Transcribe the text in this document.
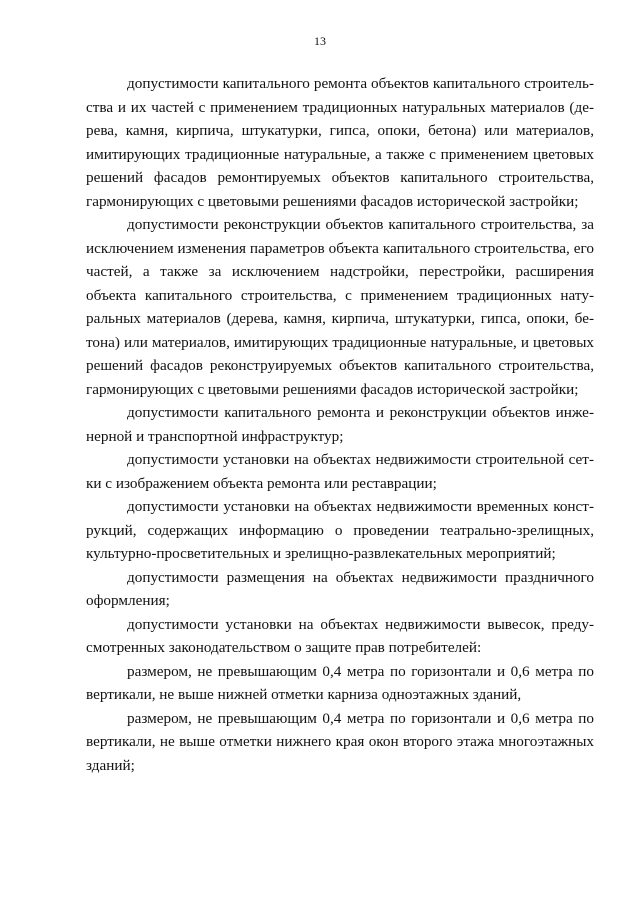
13

допустимости капитального ремонта объектов капитального строительства и их частей с применением традиционных натуральных материалов (дерева, камня, кирпича, штукатурки, гипса, опоки, бетона) или материалов, имитирующих традиционные натуральные, а также с применением цветовых решений фасадов ремонтируемых объектов капитального строительства, гармонирующих с цветовыми решениями фасадов исторической застройки;

допустимости реконструкции объектов капитального строительства, за исключением изменения параметров объекта капитального строительства, его частей, а также за исключением надстройки, перестройки, расширения объекта капитального строительства, с применением традиционных натуральных материалов (дерева, камня, кирпича, штукатурки, гипса, опоки, бетона) или материалов, имитирующих традиционные натуральные, и цветовых решений фасадов реконструируемых объектов капитального строительства, гармонирующих с цветовыми решениями фасадов исторической застройки;

допустимости капитального ремонта и реконструкции объектов инженерной и транспортной инфраструктур;

допустимости установки на объектах недвижимости строительной сетки с изображением объекта ремонта или реставрации;

допустимости установки на объектах недвижимости временных конструкций, содержащих информацию о проведении театрально-зрелищных, культурно-просветительных и зрелищно-развлекательных мероприятий;

допустимости размещения на объектах недвижимости праздничного оформления;

допустимости установки на объектах недвижимости вывесок, предусмотренных законодательством о защите прав потребителей:

размером, не превышающим 0,4 метра по горизонтали и 0,6 метра по вертикали, не выше нижней отметки карниза одноэтажных зданий,

размером, не превышающим 0,4 метра по горизонтали и 0,6 метра по вертикали, не выше отметки нижнего края окон второго этажа многоэтажных зданий;
